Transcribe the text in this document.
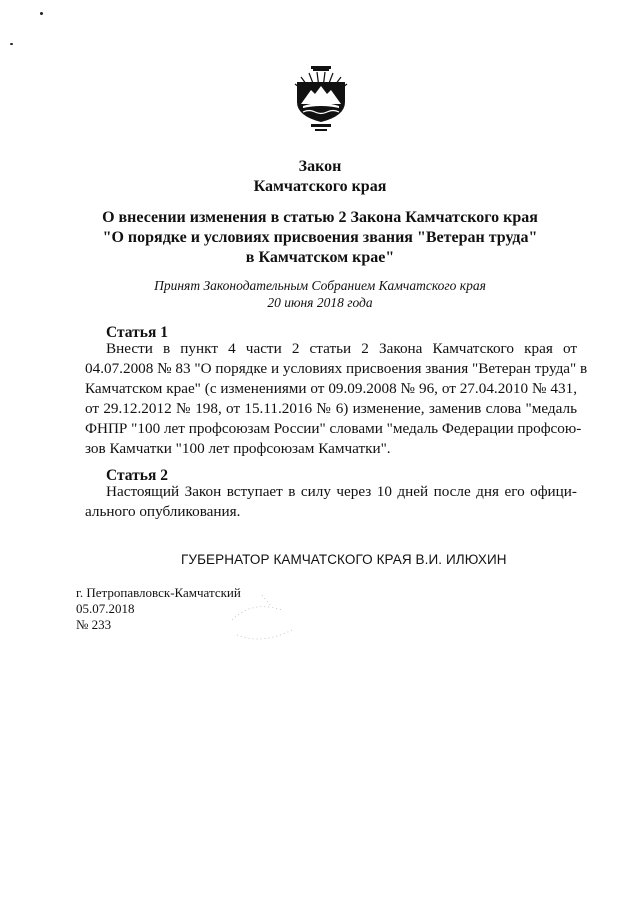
Закон
Камчатского края
О внесении изменения в статью 2 Закона Камчатского края
"О порядке и условиях присвоения звания "Ветеран труда"
в Камчатском крае"
Принят Законодательным Собранием Камчатского края
20 июня 2018 года
Статья 1
Внести в пункт 4 части 2 статьи 2 Закона Камчатского края от
04.07.2008 № 83 "О порядке и условиях присвоения звания "Ветеран труда" в
Камчатском крае" (с изменениями от 09.09.2008 № 96, от 27.04.2010 № 431,
от 29.12.2012 № 198, от 15.11.2016 № 6) изменение, заменив слова "медаль
ФНПР "100 лет профсоюзам России" словами "медаль Федерации профсою-
зов Камчатки "100 лет профсоюзам Камчатки".
Статья 2
Настоящий Закон вступает в силу через 10 дней после дня его офици-
ального опубликования.
ГУБЕРНАТОР КАМЧАТСКОГО КРАЯ В.И. ИЛЮХИН
г. Петропавловск-Камчатский
05.07.2018
№ 233
